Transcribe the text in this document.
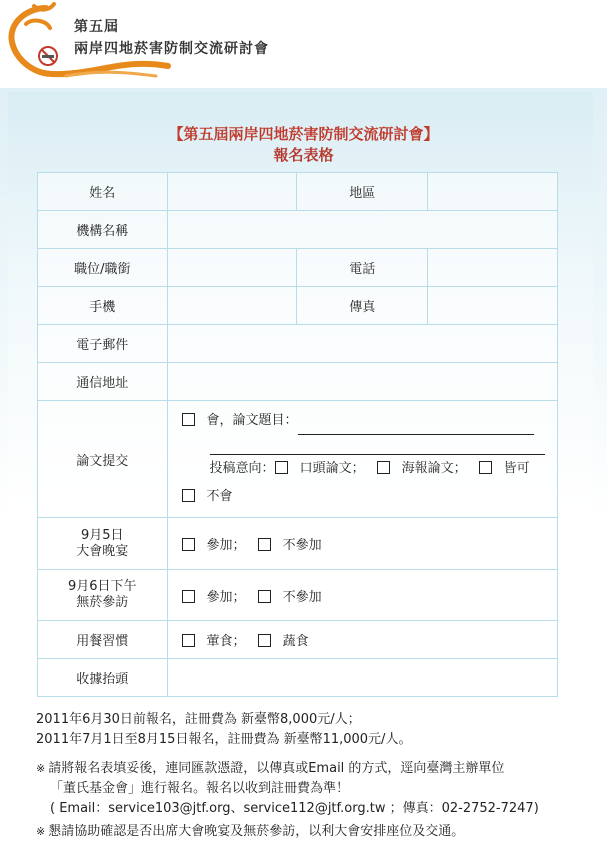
第五屆
兩岸四地菸害防制交流研討會
【第五屆兩岸四地菸害防制交流研討會】
報名表格
姓名		地區	
機構名稱			
職位/職銜		電話	
手機		傳真	
電子郵件			
通信地址			
論文提交	會，論文題目：
投稿意向： 口頭論文； 海報論文； 皆可
不會		

9月5日
大會晚宴	參加； 不參加		
9月6日下午
無菸參訪	參加； 不參加		
用餐習慣	葷食； 蔬食		
收據抬頭			
2011年6月30日前報名，註冊費為 新臺幣8,000元/人；
2011年7月1日至8月15日報名，註冊費為 新臺幣11,000元/人。
※ 請將報名表填妥後，連同匯款憑證，以傳真或Email 的方式，逕向臺灣主辦單位
「董氏基金會」進行報名。報名以收到註冊費為準！
( Email：service103@jtf.org、service112@jtf.org.tw ；傳真：02-2752-7247)
※ 懇請協助確認是否出席大會晚宴及無菸參訪，以利大會安排座位及交通。
